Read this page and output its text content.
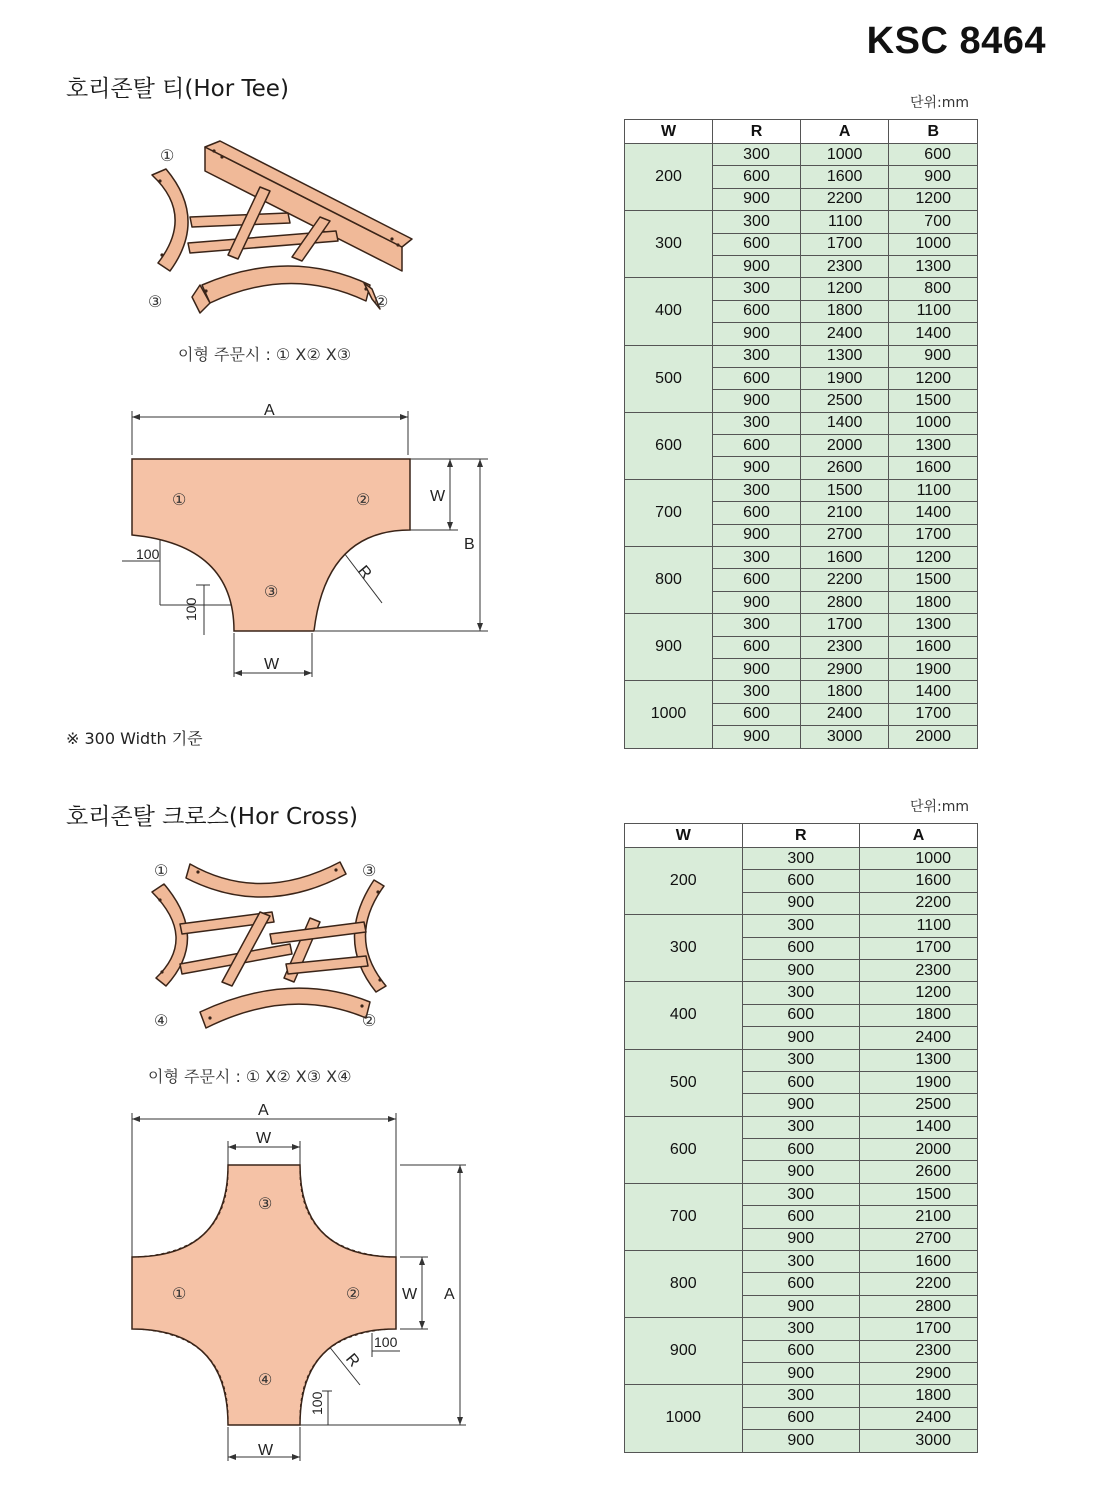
KSC 8464
호리존탈 티(Hor Tee)
단위:mm
①
③	②
이형 주문시 : ① X② X③
A
B
W
W
R
100
100
①	②
③
※ 300 Width 기준
W	R	A	B
200	300	1000	600
	600	1600	900
	900	2200	1200
300	300	1100	700
	600	1700	1000
	900	2300	1300
400	300	1200	800
	600	1800	1100
	900	2400	1400
500	300	1300	900
	600	1900	1200
	900	2500	1500
600	300	1400	1000
	600	2000	1300
	900	2600	1600
700	300	1500	1100
	600	2100	1400
	900	2700	1700
800	300	1600	1200
	600	2200	1500
	900	2800	1800
900	300	1700	1300
	600	2300	1600
	900	2900	1900
1000	300	1800	1400
	600	2400	1700
	900	3000	2000
호리존탈 크로스(Hor Cross)	단위:mm
①	③
④	②
이형 주문시 : ① X② X③ X④
A
W
A
W
100
100
W
R
①	②
③
④
W	R	A
200	300	1000
	600	1600
	900	2200
300	300	1100
	600	1700
	900	2300
400	300	1200
	600	1800
	900	2400
500	300	1300
	600	1900
	900	2500
600	300	1400
	600	2000
	900	2600
700	300	1500
	600	2100
	900	2700
800	300	1600
	600	2200
	900	2800
900	300	1700
	600	2300
	900	2900
1000	300	1800
	600	2400
	900	3000
